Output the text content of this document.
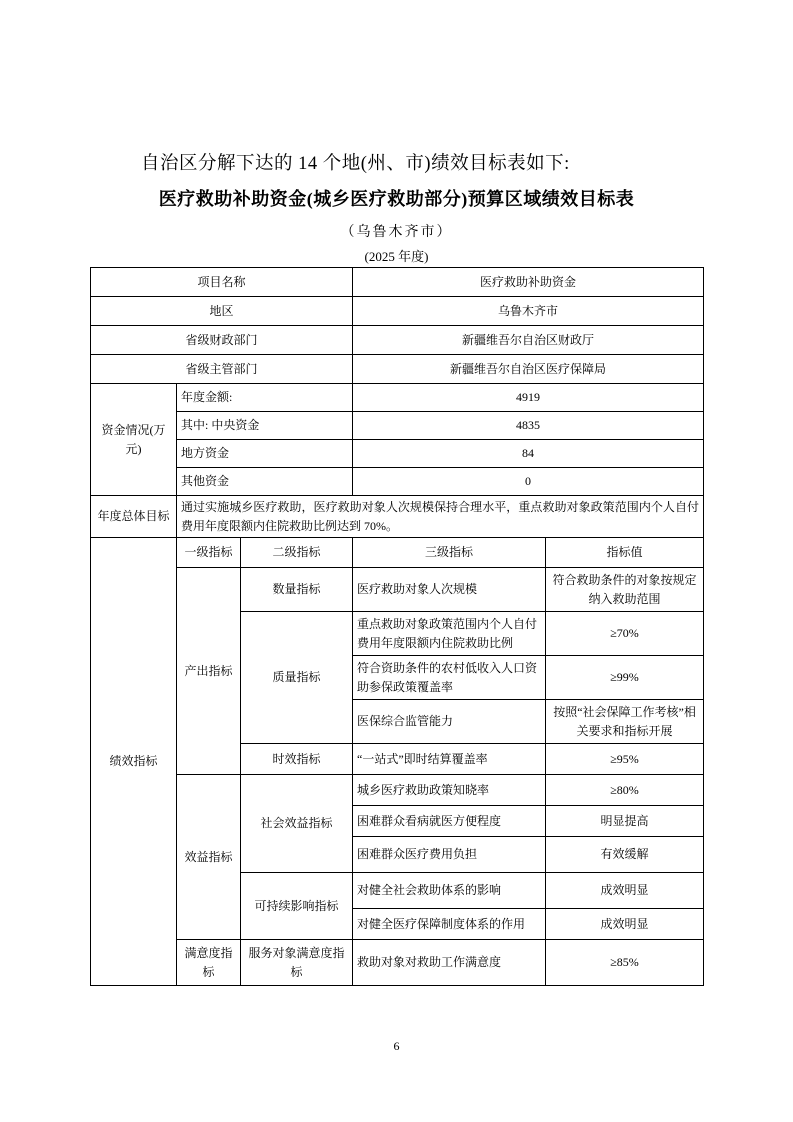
自治区分解下达的 14 个地(州、市)绩效目标表如下:
医疗救助补助资金(城乡医疗救助部分)预算区域绩效目标表
（乌鲁木齐市）
(2025 年度)
项目名称			医疗救助补助资金	
地区			乌鲁木齐市	
省级财政部门			新疆维吾尔自治区财政厅	
省级主管部门			新疆维吾尔自治区医疗保障局	
资金情况(万元)	年度金额:		4919	
	其中: 中央资金		4835	
	地方资金		84	
	其他资金		0	
年度总体目标	通过实施城乡医疗救助，医疗救助对象人次规模保持合理水平，重点救助对象政策范围内个人自付费用年度限额内住院救助比例达到 70%。			
绩效指标	一级指标	二级指标	三级指标	指标值
	产出指标	数量指标	医疗救助对象人次规模	符合救助条件的对象按规定纳入救助范围
		质量指标	重点救助对象政策范围内个人自付费用年度限额内住院救助比例	≥70%
			符合资助条件的农村低收入人口资助参保政策覆盖率	≥99%
			医保综合监管能力	按照“社会保障工作考核”相关要求和指标开展
		时效指标	“一站式”即时结算覆盖率	≥95%
	效益指标	社会效益指标	城乡医疗救助政策知晓率	≥80%
			困难群众看病就医方便程度	明显提高
			困难群众医疗费用负担	有效缓解
		可持续影响指标	对健全社会救助体系的影响	成效明显
			对健全医疗保障制度体系的作用	成效明显
	满意度指标	服务对象满意度指标	救助对象对救助工作满意度	≥85%
6
